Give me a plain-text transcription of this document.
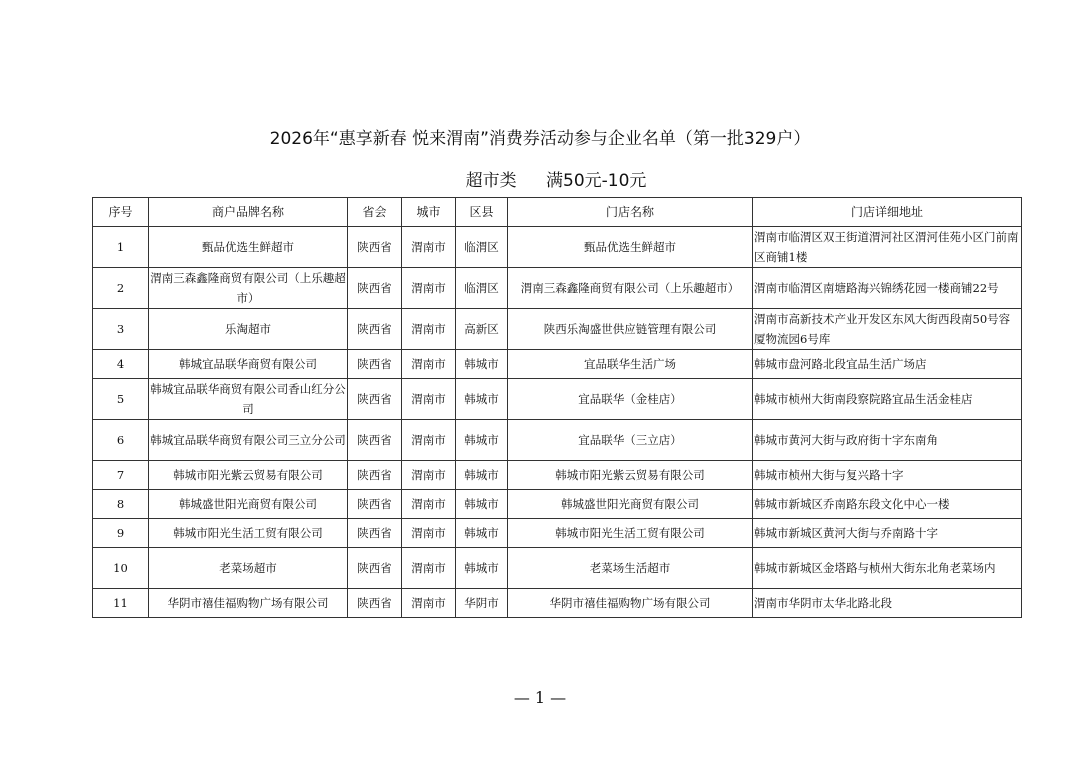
2026年“惠享新春 悦来渭南”消费券活动参与企业名单（第一批329户）
超市类 满50元-10元
序号	商户品牌名称	省会	城市	区县	门店名称	门店详细地址
1	甄品优选生鲜超市	陕西省	渭南市	临渭区	甄品优选生鲜超市	渭南市临渭区双王街道渭河社区渭河佳苑小区门前南区商铺1楼
2	渭南三森鑫隆商贸有限公司（上乐趣超市）	陕西省	渭南市	临渭区	渭南三森鑫隆商贸有限公司（上乐趣超市）	渭南市临渭区南塘路海兴锦绣花园一楼商铺22号
3	乐淘超市	陕西省	渭南市	高新区	陕西乐淘盛世供应链管理有限公司	渭南市高新技术产业开发区东风大街西段南50号容厦物流园6号库
4	韩城宜品联华商贸有限公司	陕西省	渭南市	韩城市	宜品联华生活广场	韩城市盘河路北段宜品生活广场店
5	韩城宜品联华商贸有限公司香山红分公司	陕西省	渭南市	韩城市	宜品联华（金桂店）	韩城市桢州大街南段察院路宜品生活金桂店
6	韩城宜品联华商贸有限公司三立分公司	陕西省	渭南市	韩城市	宜品联华（三立店）	韩城市黄河大街与政府街十字东南角
7	韩城市阳光紫云贸易有限公司	陕西省	渭南市	韩城市	韩城市阳光紫云贸易有限公司	韩城市桢州大街与复兴路十字
8	韩城盛世阳光商贸有限公司	陕西省	渭南市	韩城市	韩城盛世阳光商贸有限公司	韩城市新城区乔南路东段文化中心一楼
9	韩城市阳光生活工贸有限公司	陕西省	渭南市	韩城市	韩城市阳光生活工贸有限公司	韩城市新城区黄河大街与乔南路十字
10	老菜场超市	陕西省	渭南市	韩城市	老菜场生活超市	韩城市新城区金塔路与桢州大街东北角老菜场内
11	华阴市禧佳福购物广场有限公司	陕西省	渭南市	华阴市	华阴市禧佳福购物广场有限公司	渭南市华阴市太华北路北段
— 1 —
